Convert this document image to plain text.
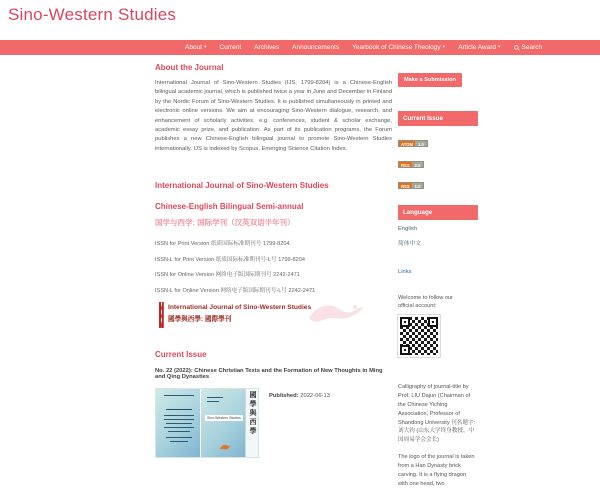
Sino-Western Studies
About ▾ Current Archives Announcements Yearbook of Chinese Theology ▾ Article Award ▾	Search
About the Journal

International Journal of Sino-Western Studies (IJS, 1799-8204) is a Chinese-English bilingual academic journal, which is published twice a year in June and December in Finland by the Nordic Forum of Sino-Western Studies. It is published simultaneously in printed and electronic online versions. We aim at encouraging Sino-Western dialogue, research, and enhancement of scholarly activities, e.g. conferences, student & scholar exchange, academic essay prize, and publication. As part of its publication programs, the Forum publishes a new Chinese-English bilingual journal to promote Sino-Western Studies internationally. IJS is indexed by Scopus, Emerging Science Citation Index.

International Journal of Sino-Western Studies
Chinese-English Bilingual Semi-annual
国学与西学: 国际学刊（汉英双语半年刊）

ISSN for Print Version 纸质国际标准期刊号 1799-8204

ISSN-L for Print Version 纸质国际标准期刊号-L号 1799-8204

ISSN for Online Version 网络电子版国际期刊号 2242-2471

ISSN-L for Online Version 网络电子版国际期刊号-L号 2242-2471

International Journal of Sino-Western Studies
國學與西學: 國際學刊
Current Issue

No. 22 (2022): Chinese Christian Texts and the Formation of New Thoughts in Ming and Qing Dynasties

Sino-Western Studies 國學與西學 Published: 2022-06-13

Make a Submission
Current Issue
ATOM	1.0
RSS	2.0
RSS	1.0
Language
English
简体中文
Links

Welcome to follow our official account:

Calligraphy of journal-title by Prof. LIU Dajun (Chairman of the Chinese Yiching Association, Professor of Shandong University 刊名题字: 刘大钧 (山东大学终身教授、中国周易学会会长)

The logo of the journal is taken from a Han Dynasty brick carving. It is a flying dragon with one head, two
